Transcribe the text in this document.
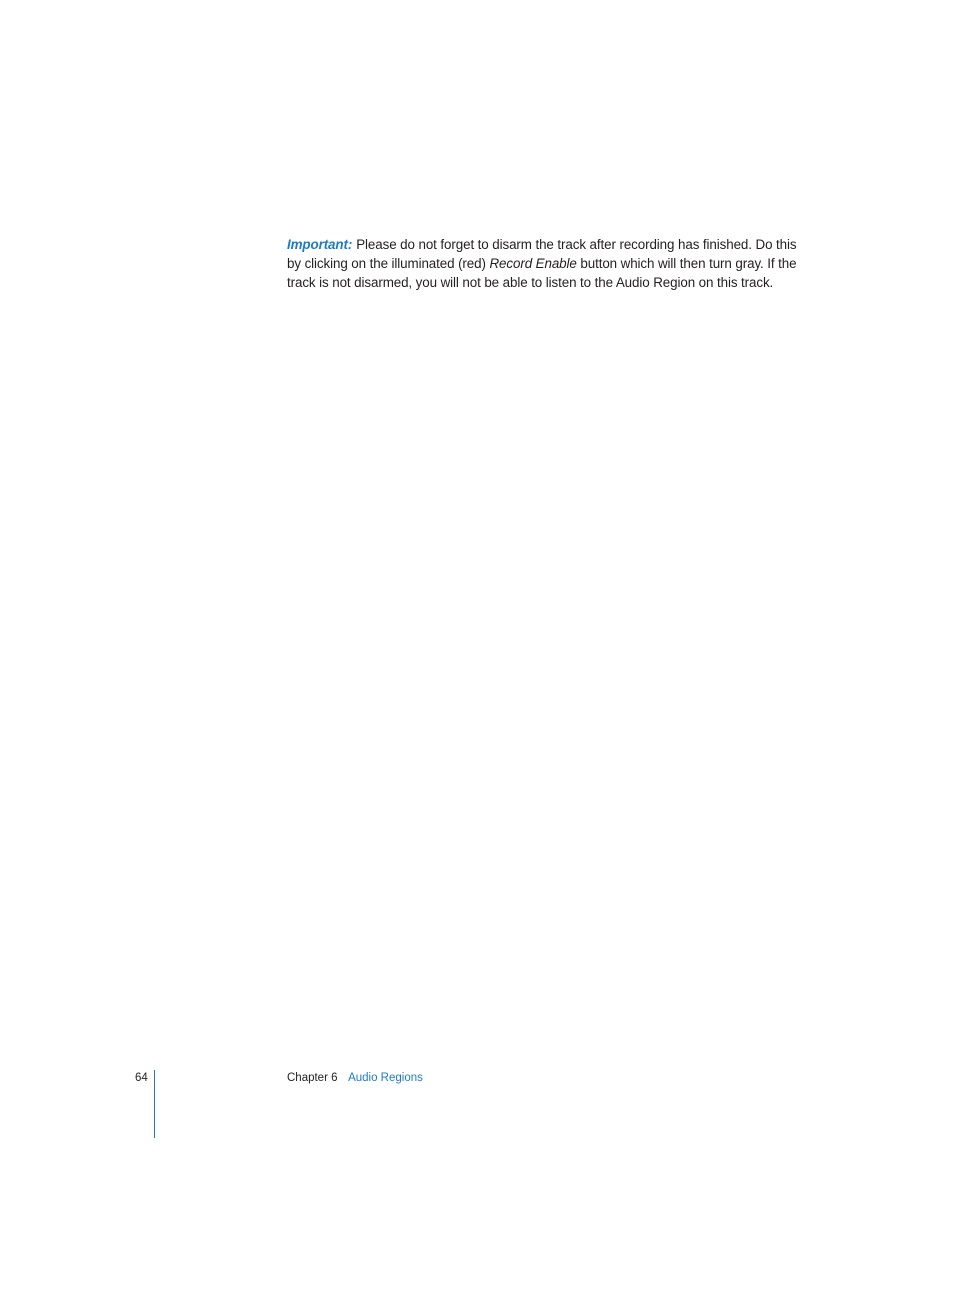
Important: Please do not forget to disarm the track after recording has finished. Do this by clicking on the illuminated (red) Record Enable button which will then turn gray. If the track is not disarmed, you will not be able to listen to the Audio Region on this track.

64	Chapter 6 Audio Regions
